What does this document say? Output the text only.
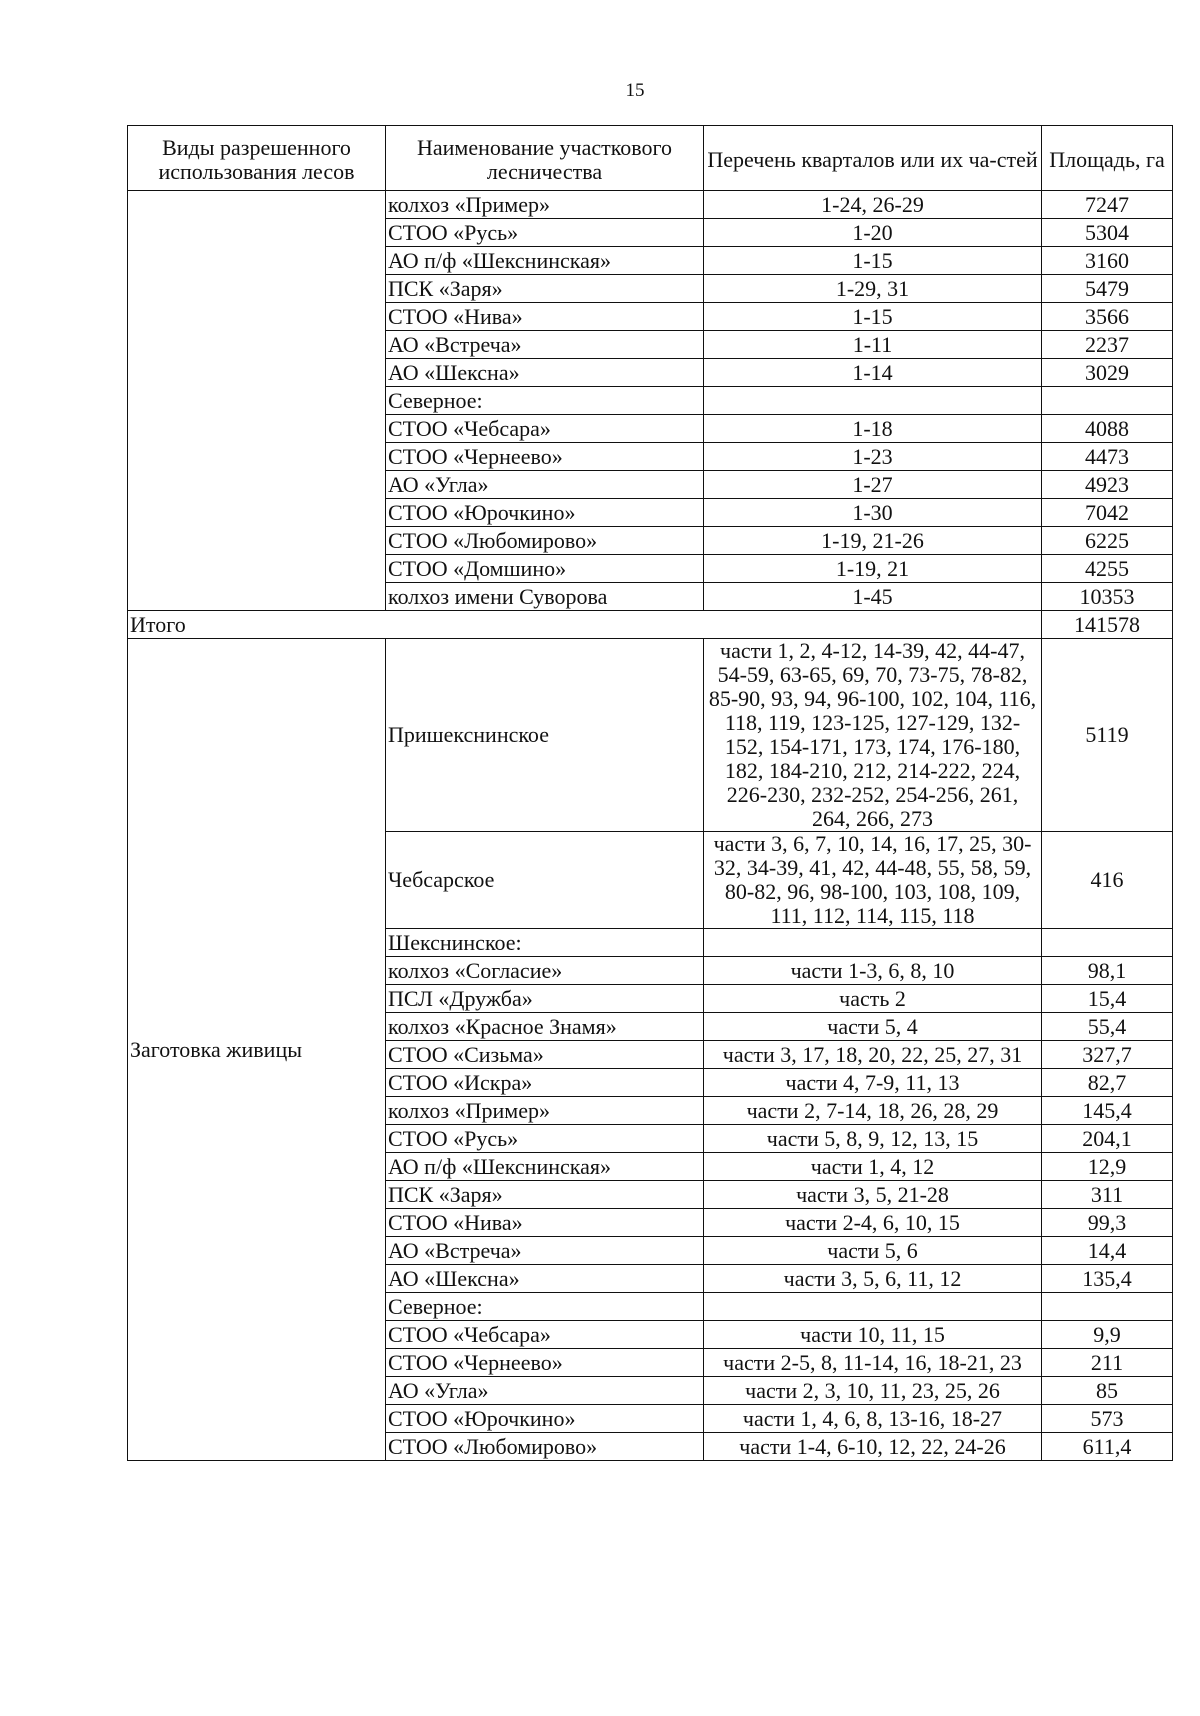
15
Виды разрешенного использования лесов	Наименование участкового лесничества	Перечень кварталов или их ча-стей	Площадь, га
	колхоз «Пример»	1-24, 26-29	7247
	СТОО «Русь»	1-20	5304
	АО п/ф «Шекснинская»	1-15	3160
	ПСК «Заря»	1-29, 31	5479
	СТОО «Нива»	1-15	3566
	АО «Встреча»	1-11	2237
	АО «Шексна»	1-14	3029
	Северное:		
	СТОО «Чебсара»	1-18	4088
	СТОО «Чернеево»	1-23	4473
	АО «Угла»	1-27	4923
	СТОО «Юрочкино»	1-30	7042
	СТОО «Любомирово»	1-19, 21-26	6225
	СТОО «Домшино»	1-19, 21	4255
	колхоз имени Суворова	1-45	10353
Итого			141578
Заготовка живицы	Пришекснинское	части 1, 2, 4-12, 14-39, 42, 44-47, 54-59, 63-65, 69, 70, 73-75, 78-82, 85-90, 93, 94, 96-100, 102, 104, 116, 118, 119, 123-125, 127-129, 132-152, 154-171, 173, 174, 176-180, 182, 184-210, 212, 214-222, 224, 226-230, 232-252, 254-256, 261, 264, 266, 273	5119
	Чебсарское	части 3, 6, 7, 10, 14, 16, 17, 25, 30-32, 34-39, 41, 42, 44-48, 55, 58, 59, 80-82, 96, 98-100, 103, 108, 109, 111, 112, 114, 115, 118	416
	Шекснинское:		
	колхоз «Согласие»	части 1-3, 6, 8, 10	98,1
	ПСЛ «Дружба»	часть 2	15,4
	колхоз «Красное Знамя»	части 5, 4	55,4
	СТОО «Сизьма»	части 3, 17, 18, 20, 22, 25, 27, 31	327,7
	СТОО «Искра»	части 4, 7-9, 11, 13	82,7
	колхоз «Пример»	части 2, 7-14, 18, 26, 28, 29	145,4
	СТОО «Русь»	части 5, 8, 9, 12, 13, 15	204,1
	АО п/ф «Шекснинская»	части 1, 4, 12	12,9
	ПСК «Заря»	части 3, 5, 21-28	311
	СТОО «Нива»	части 2-4, 6, 10, 15	99,3
	АО «Встреча»	части 5, 6	14,4
	АО «Шексна»	части 3, 5, 6, 11, 12	135,4
	Северное:		
	СТОО «Чебсара»	части 10, 11, 15	9,9
	СТОО «Чернеево»	части 2-5, 8, 11-14, 16, 18-21, 23	211
	АО «Угла»	части 2, 3, 10, 11, 23, 25, 26	85
	СТОО «Юрочкино»	части 1, 4, 6, 8, 13-16, 18-27	573
	СТОО «Любомирово»	части 1-4, 6-10, 12, 22, 24-26	611,4
